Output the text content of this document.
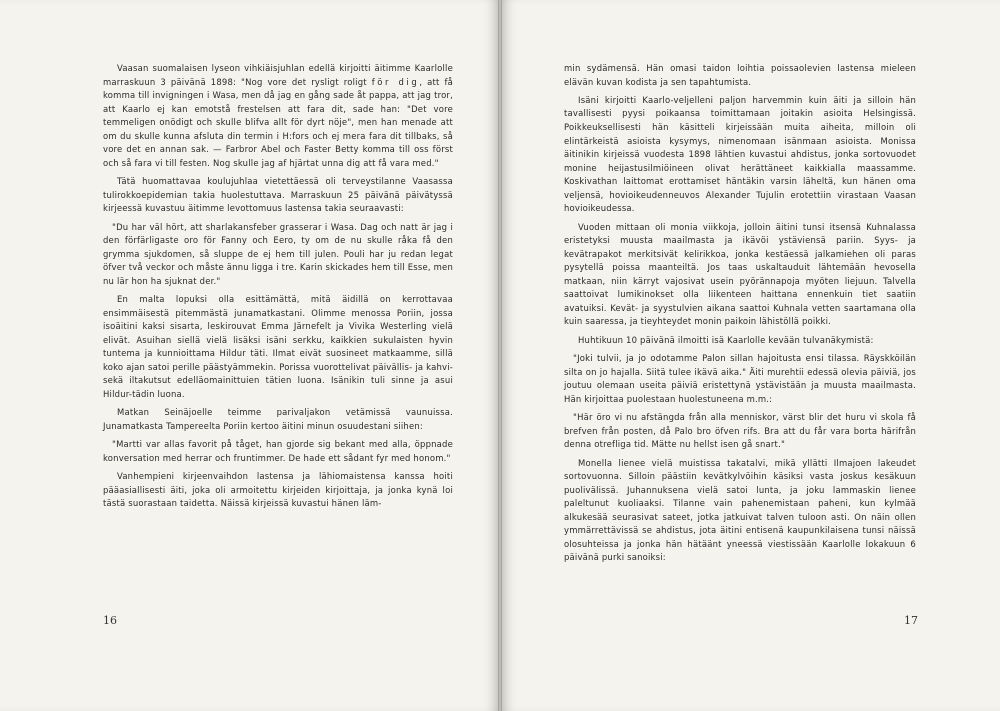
Vaasan suomalaisen lyseon vihkiäisjuhlan edellä kirjoitti äitimme Kaarlolle marraskuun 3 päivänä 1898: "Nog vore det rysligt roligt för dig, att få komma till invigningen i Wasa, men då jag en gång sade åt pappa, att jag tror, att Kaarlo ej kan emotstå frestelsen att fara dit, sade han: "Det vore temmeligen onödigt och skulle blifva allt för dyrt nöje", men han menade att om du skulle kunna afsluta din termin i H:fors och ej mera fara dit tillbaks, så vore det en annan sak. — Farbror Abel och Faster Betty komma till oss först och så fara vi till festen. Nog skulle jag af hjärtat unna dig att få vara med."

Tätä huomattavaa koulujuhlaa vietettäessä oli terveystilanne Vaasassa tulirokkoepidemian takia huolestuttava. Marraskuun 25 päivänä päivätyssä kirjeessä kuvastuu äitimme levottomuus lastensa takia seuraavasti:

"Du har väl hört, att sharlakansfeber grasserar i Wasa. Dag och natt är jag i den förfärligaste oro för Fanny och Eero, ty om de nu skulle råka få den grymma sjukdomen, så sluppe de ej hem till julen. Pouli har ju redan legat öfver två veckor och måste ännu ligga i tre. Karin skickades hem till Esse, men nu lär hon ha sjuknat der."

En malta lopuksi olla esittämättä, mitä äidillä on kerrottavaa ensimmäisestä pitemmästä junamatkastani. Olimme menossa Poriin, jossa isoäitini kaksi sisarta, leskirouvat Emma Järnefelt ja Vivika Westerling vielä elivät. Asuihan siellä vielä lisäksi isäni serkku, kaikkien sukulaisten hyvin tuntema ja kunnioittama Hildur täti. Ilmat eivät suosineet matkaamme, sillä koko ajan satoi perille päästyämmekin. Porissa vuorottelivat päivällis- ja kahvi- sekä iltakutsut edelläomainittuien tätien luona. Isänikin tuli sinne ja asui Hildur-tädin luona.

Matkan Seinäjoelle teimme parivaljakon vetämissä vaunuissa. Junamatkasta Tampereelta Poriin kertoo äitini minun osuudestani siihen:

"Martti var allas favorit på tåget, han gjorde sig bekant med alla, öppnade konversation med herrar och fruntimmer. De hade ett sådant fyr med honom."

Vanhempieni kirjeenvaihdon lastensa ja lähiomaistensa kanssa hoiti pääasiallisesti äiti, joka oli armoitettu kirjeiden kirjoittaja, ja jonka kynä loi tästä suorastaan taidetta. Näissä kirjeissä kuvastui hänen läm-

16

min sydämensä. Hän omasi taidon loihtia poissaolevien lastensa mieleen elävän kuvan kodista ja sen tapahtumista.

Isäni kirjoitti Kaarlo-veljelleni paljon harvemmin kuin äiti ja silloin hän tavallisesti pyysi poikaansa toimittamaan joitakin asioita Helsingissä. Poikkeuksellisesti hän käsitteli kirjeissään muita aiheita, milloin oli elintärkeistä asioista kysymys, nimenomaan isänmaan asioista. Monissa äitinikin kirjeissä vuodesta 1898 lähtien kuvastui ahdistus, jonka sortovuodet monine heijastusilmiöineen olivat herättäneet kaikkialla maassamme. Koskivathan laittomat erottamiset häntäkin varsin läheltä, kun hänen oma veljensä, hovioikeudenneuvos Alexander Tujulin erotettiin virastaan Vaasan hovioikeudessa.

Vuoden mittaan oli monia viikkoja, jolloin äitini tunsi itsensä Kuhnalassa eristetyksi muusta maailmasta ja ikävöi ystäviensä pariin. Syys- ja kevätrapakot merkitsivät kelirikkoa, jonka kestäessä jalkamiehen oli paras pysytellä poissa maanteiltä. Jos taas uskaltauduit lähtemään hevosella matkaan, niin kärryt vajosivat usein pyörännapoja myöten liejuun. Talvella saattoivat lumikinokset olla liikenteen haittana ennenkuin tiet saatiin avatuiksi. Kevät- ja syystulvien aikana saattoi Kuhnala vetten saartamana olla kuin saaressa, ja tieyhteydet monin paikoin lähistöllä poikki.

Huhtikuun 10 päivänä ilmoitti isä Kaarlolle kevään tulvanäkymistä:

"Joki tulvii, ja jo odotamme Palon sillan hajoitusta ensi tilassa. Räyskköilän silta on jo hajalla. Siitä tulee ikävä aika." Äiti murehtii edessä olevia päiviä, jos joutuu olemaan useita päiviä eristettynä ystävistään ja muusta maailmasta. Hän kirjoittaa puolestaan huolestuneena m.m.:

"Här öro vi nu afstängda från alla menniskor, värst blir det huru vi skola få brefven från posten, då Palo bro öfven rifs. Bra att du får vara borta härifrån denna otrefliga tid. Mätte nu hellst isen gå snart."

Monella lienee vielä muistissa takatalvi, mikä yllätti Ilmajoen lakeudet sortovuonna. Silloin päästiin kevätkylvöihin käsiksi vasta joskus kesäkuun puolivälissä. Juhannuksena vielä satoi lunta, ja joku lammaskin lienee paleltunut kuoliaaksi. Tilanne vain pahenemistaan paheni, kun kylmää alkukesää seurasivat sateet, jotka jatkuivat talven tuloon asti. On näin ollen ymmärrettävissä se ahdistus, jota äitini entisenä kaupunkilaisena tunsi näissä olosuhteissa ja jonka hän hätäänt yneessä viestissään Kaarlolle lokakuun 6 päivänä purki sanoiksi:

17
